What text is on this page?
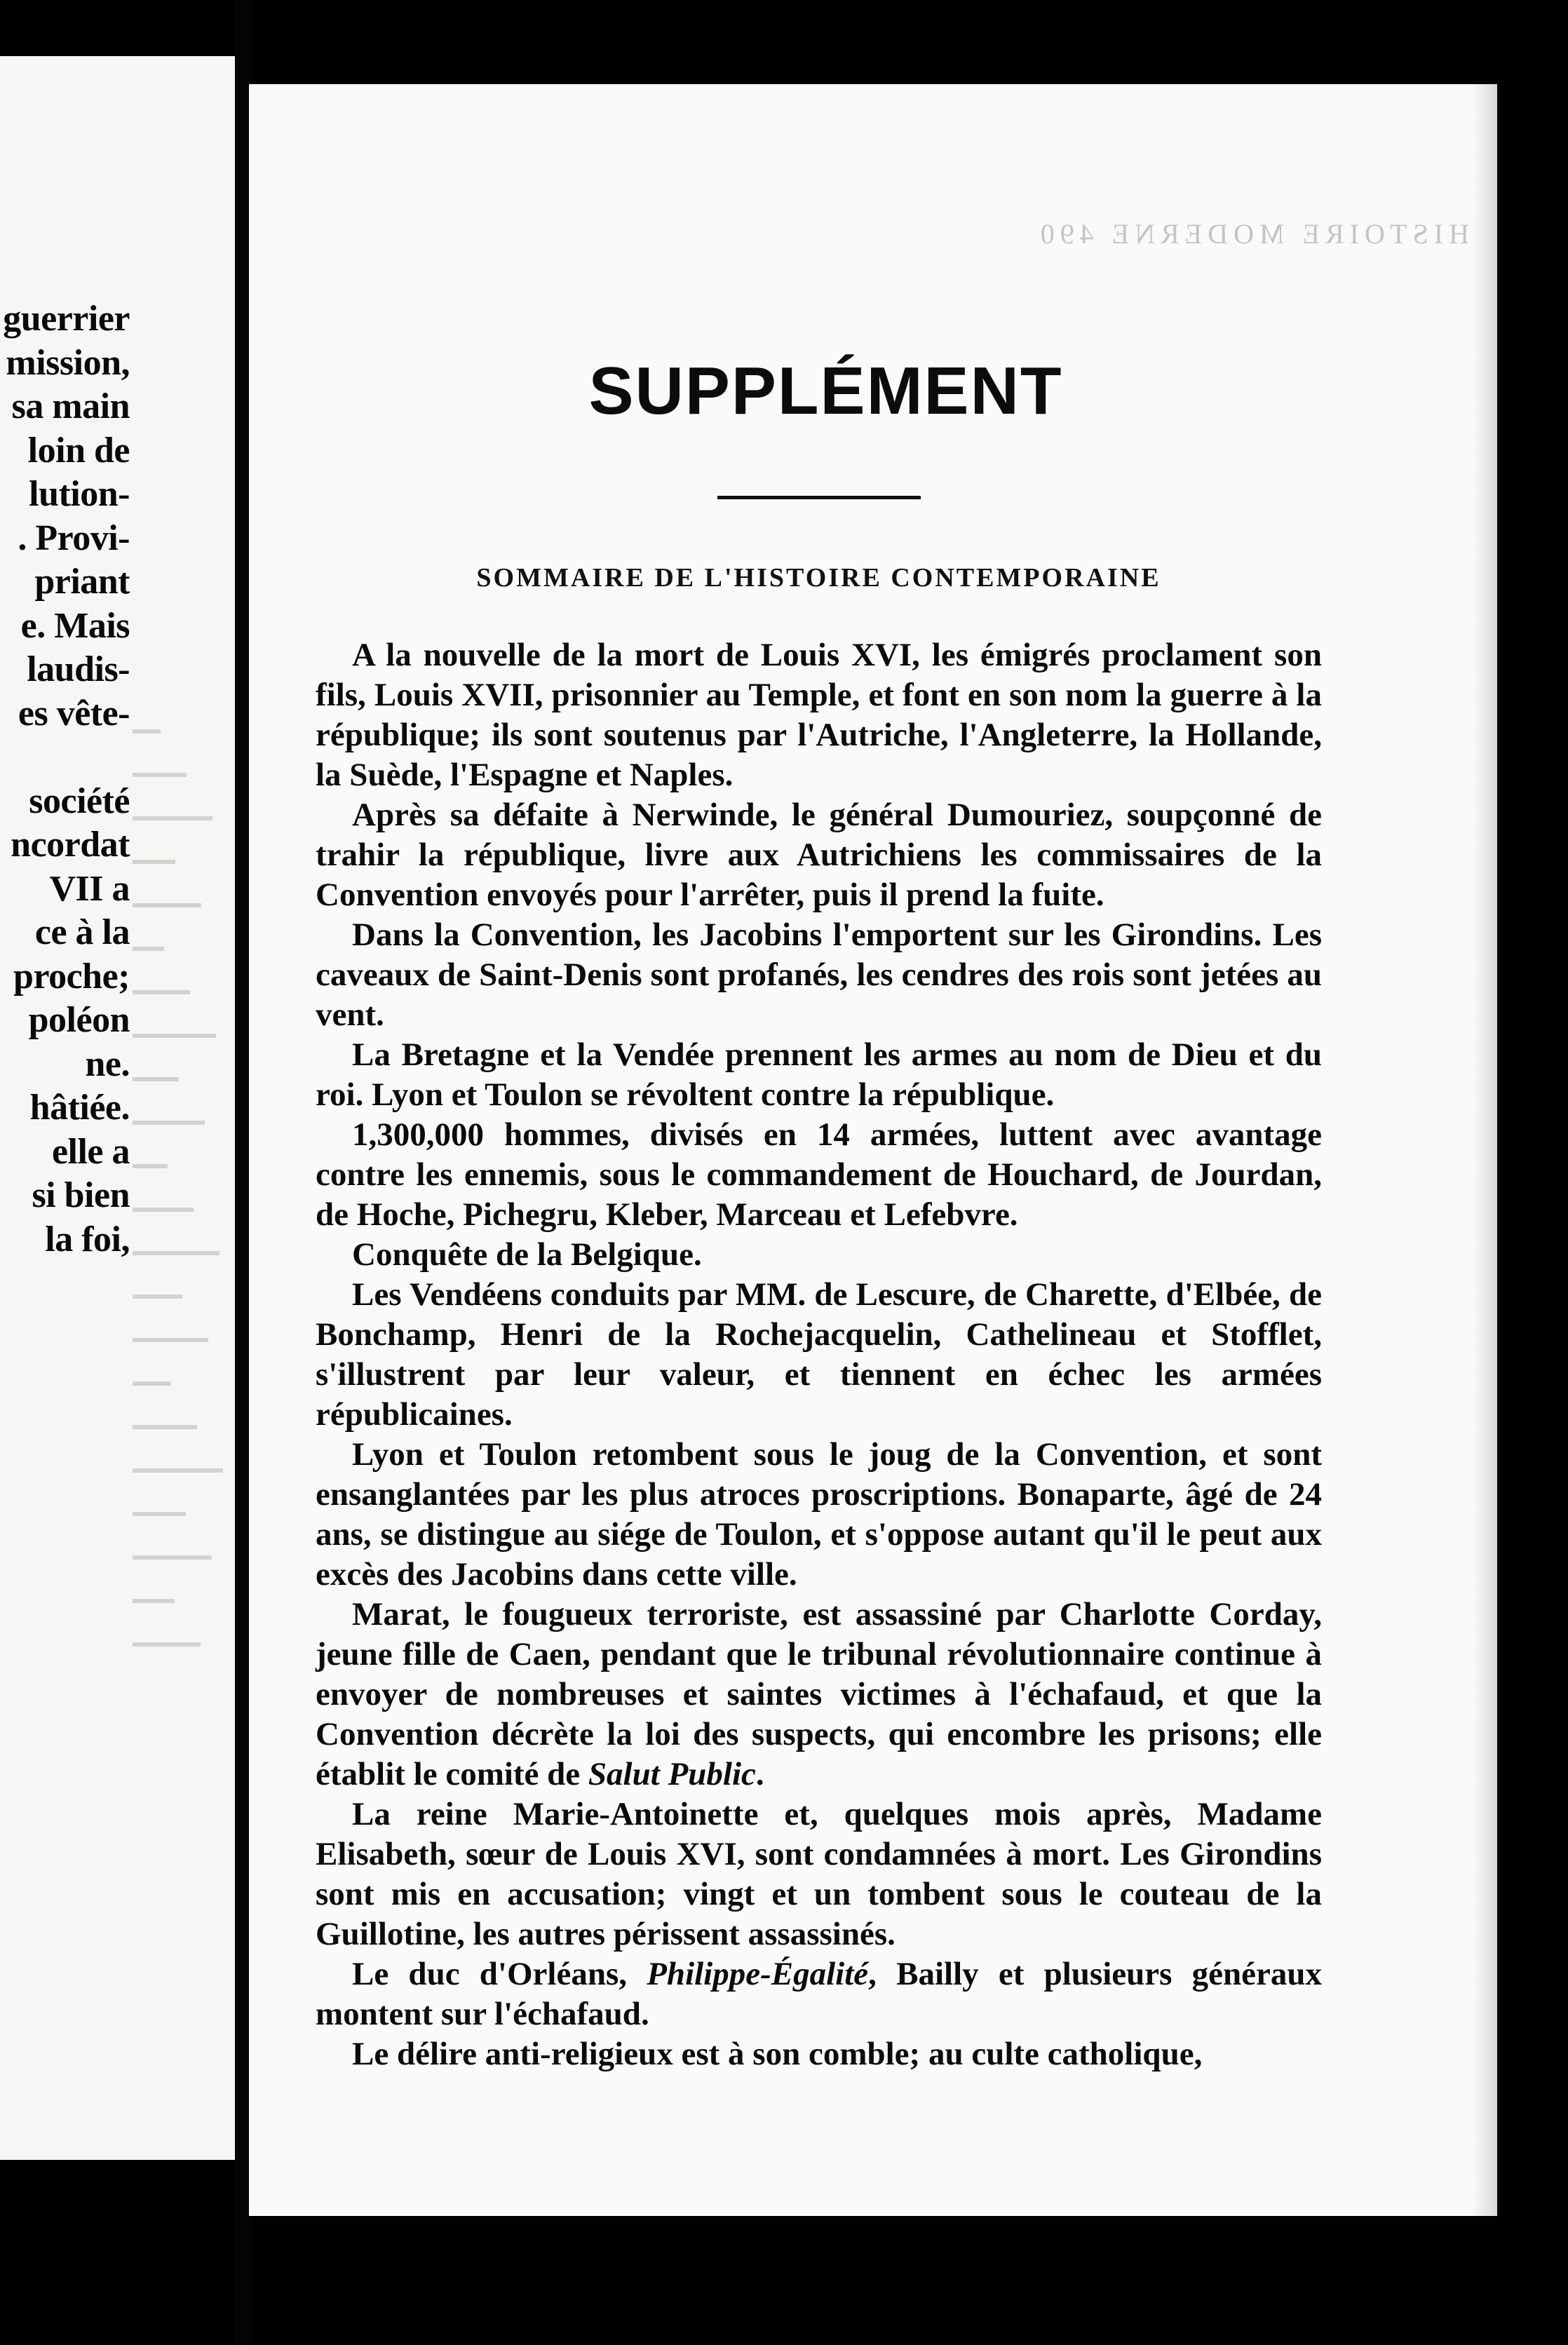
guerrier
mission,
sa main
loin de
lution-
. Provi-
priant
e. Mais
laudis-
es vête-
société
ncordat
VII a
ce à la
proche;
poléon
ne.
hâtiée.
elle a
si bien
la foi,
HISTOIRE MODERNE 490
SUPPLÉMENT
SOMMAIRE DE L'HISTOIRE CONTEMPORAINE

A la nouvelle de la mort de Louis XVI, les émigrés proclament son fils, Louis XVII, prisonnier au Temple, et font en son nom la guerre à la république; ils sont soutenus par l'Autriche, l'Angleterre, la Hollande, la Suède, l'Espagne et Naples.

Après sa défaite à Nerwinde, le général Dumouriez, soupçonné de trahir la république, livre aux Autrichiens les commissaires de la Convention envoyés pour l'arrêter, puis il prend la fuite.

Dans la Convention, les Jacobins l'emportent sur les Girondins. Les caveaux de Saint-Denis sont profanés, les cendres des rois sont jetées au vent.

La Bretagne et la Vendée prennent les armes au nom de Dieu et du roi. Lyon et Toulon se révoltent contre la république.

1,300,000 hommes, divisés en 14 armées, luttent avec avantage contre les ennemis, sous le commandement de Houchard, de Jourdan, de Hoche, Pichegru, Kleber, Marceau et Lefebvre.

Conquête de la Belgique.

Les Vendéens conduits par MM. de Lescure, de Charette, d'Elbée, de Bonchamp, Henri de la Rochejacquelin, Cathelineau et Stofflet, s'illustrent par leur valeur, et tiennent en échec les armées républicaines.

Lyon et Toulon retombent sous le joug de la Convention, et sont ensanglantées par les plus atroces proscriptions. Bonaparte, âgé de 24 ans, se distingue au siége de Toulon, et s'oppose autant qu'il le peut aux excès des Jacobins dans cette ville.

Marat, le fougueux terroriste, est assassiné par Charlotte Corday, jeune fille de Caen, pendant que le tribunal révolutionnaire continue à envoyer de nombreuses et saintes victimes à l'échafaud, et que la Convention décrète la loi des suspects, qui encombre les prisons; elle établit le comité de Salut Public.

La reine Marie-Antoinette et, quelques mois après, Madame Elisabeth, sœur de Louis XVI, sont condamnées à mort. Les Girondins sont mis en accusation; vingt et un tombent sous le couteau de la Guillotine, les autres périssent assassinés.

Le duc d'Orléans, Philippe-Égalité, Bailly et plusieurs généraux montent sur l'échafaud.

Le délire anti-religieux est à son comble; au culte catholique,
